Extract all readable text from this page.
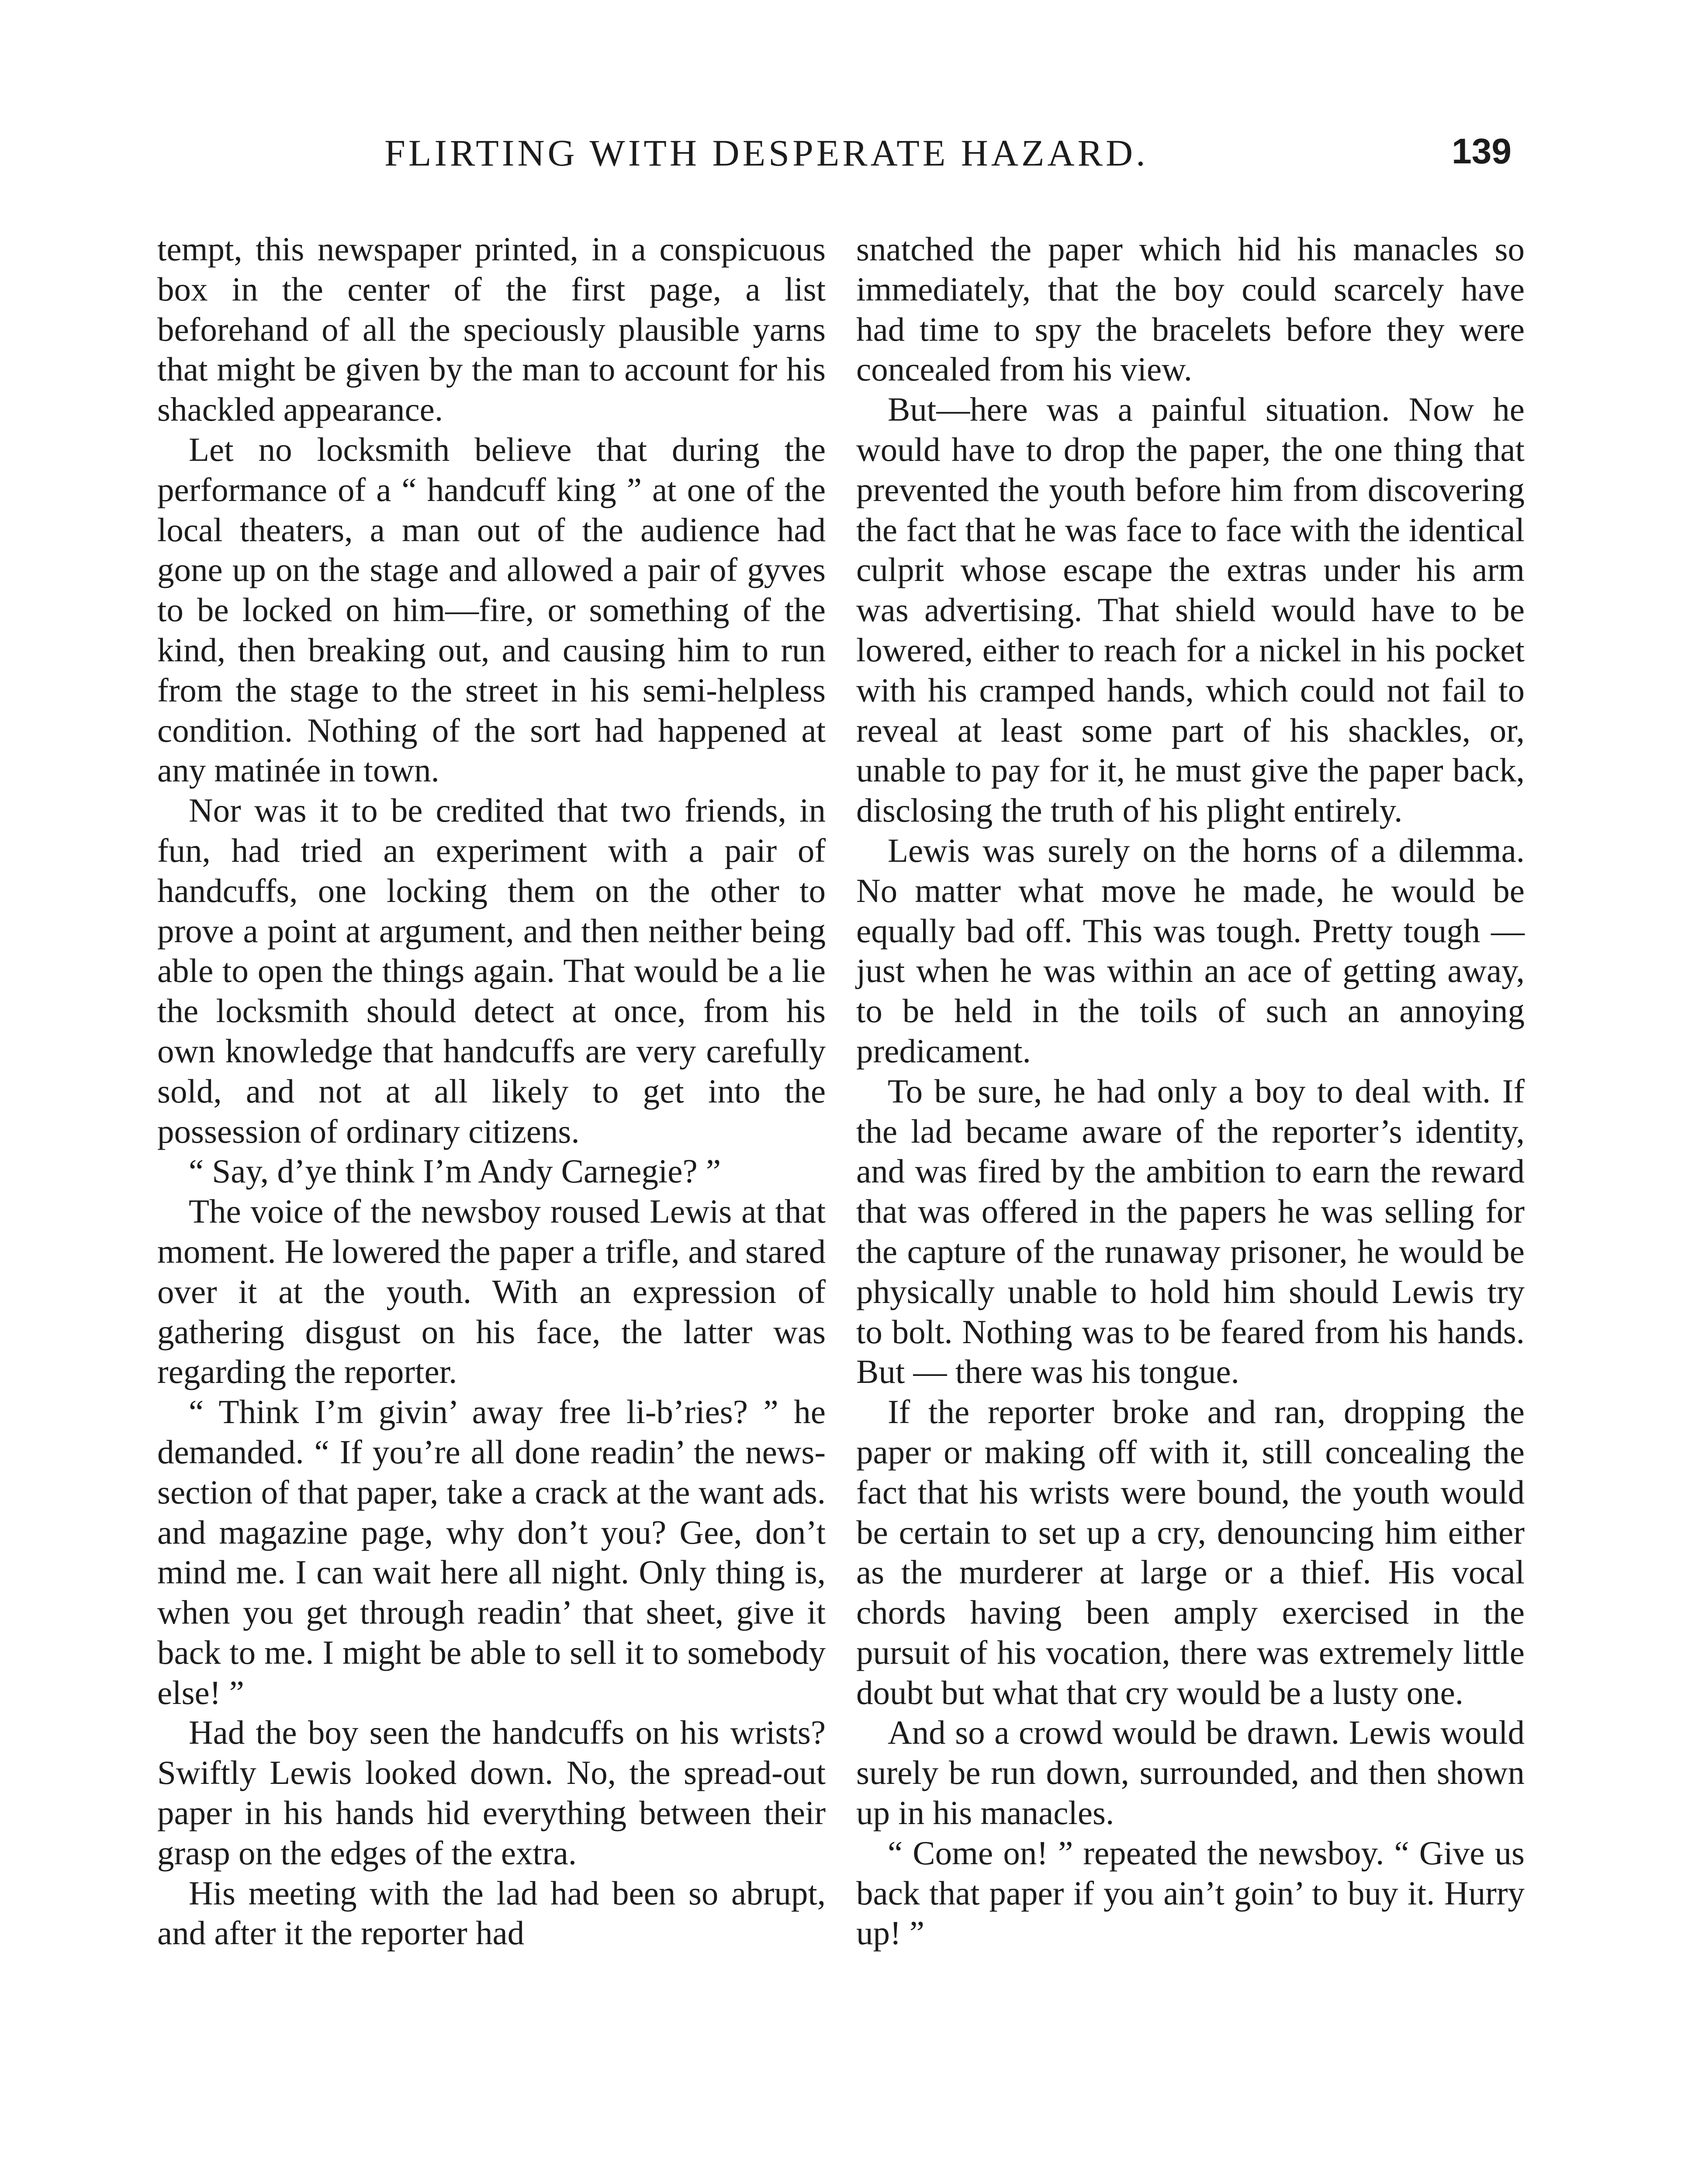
FLIRTING WITH DESPERATE HAZARD.	139

tempt, this newspaper printed, in a conspicuous box in the center of the first page, a list beforehand of all the speciously plausible yarns that might be given by the man to account for his shackled appearance.

Let no locksmith believe that during the performance of a “ handcuff king ” at one of the local theaters, a man out of the audience had gone up on the stage and allowed a pair of gyves to be locked on him—fire, or something of the kind, then breaking out, and causing him to run from the stage to the street in his semi-helpless condition. Nothing of the sort had happened at any matinée in town.

Nor was it to be credited that two friends, in fun, had tried an experiment with a pair of handcuffs, one locking them on the other to prove a point at argument, and then neither being able to open the things again. That would be a lie the locksmith should detect at once, from his own knowledge that handcuffs are very carefully sold, and not at all likely to get into the possession of ordinary citizens.

“ Say, d’ye think I’m Andy Carnegie? ”

The voice of the newsboy roused Lewis at that moment. He lowered the paper a trifle, and stared over it at the youth. With an expression of gathering disgust on his face, the latter was regarding the reporter.

“ Think I’m givin’ away free li-b’ries? ” he demanded. “ If you’re all done readin’ the news-section of that paper, take a crack at the want ads. and magazine page, why don’t you? Gee, don’t mind me. I can wait here all night. Only thing is, when you get through readin’ that sheet, give it back to me. I might be able to sell it to somebody else! ”

Had the boy seen the handcuffs on his wrists? Swiftly Lewis looked down. No, the spread-out paper in his hands hid everything between their grasp on the edges of the extra.

His meeting with the lad had been so abrupt, and after it the reporter had

snatched the paper which hid his manacles so immediately, that the boy could scarcely have had time to spy the bracelets before they were concealed from his view.

But—here was a painful situation. Now he would have to drop the paper, the one thing that prevented the youth before him from discovering the fact that he was face to face with the identical culprit whose escape the extras under his arm was advertising. That shield would have to be lowered, either to reach for a nickel in his pocket with his cramped hands, which could not fail to reveal at least some part of his shackles, or, unable to pay for it, he must give the paper back, disclosing the truth of his plight entirely.

Lewis was surely on the horns of a dilemma. No matter what move he made, he would be equally bad off. This was tough. Pretty tough — just when he was within an ace of getting away, to be held in the toils of such an annoying predicament.

To be sure, he had only a boy to deal with. If the lad became aware of the reporter’s identity, and was fired by the ambition to earn the reward that was offered in the papers he was selling for the capture of the runaway prisoner, he would be physically unable to hold him should Lewis try to bolt. Nothing was to be feared from his hands. But — there was his tongue.

If the reporter broke and ran, dropping the paper or making off with it, still concealing the fact that his wrists were bound, the youth would be certain to set up a cry, denouncing him either as the murderer at large or a thief. His vocal chords having been amply exercised in the pursuit of his vocation, there was extremely little doubt but what that cry would be a lusty one.

And so a crowd would be drawn. Lewis would surely be run down, surrounded, and then shown up in his manacles.

“ Come on! ” repeated the newsboy. “ Give us back that paper if you ain’t goin’ to buy it. Hurry up! ”
